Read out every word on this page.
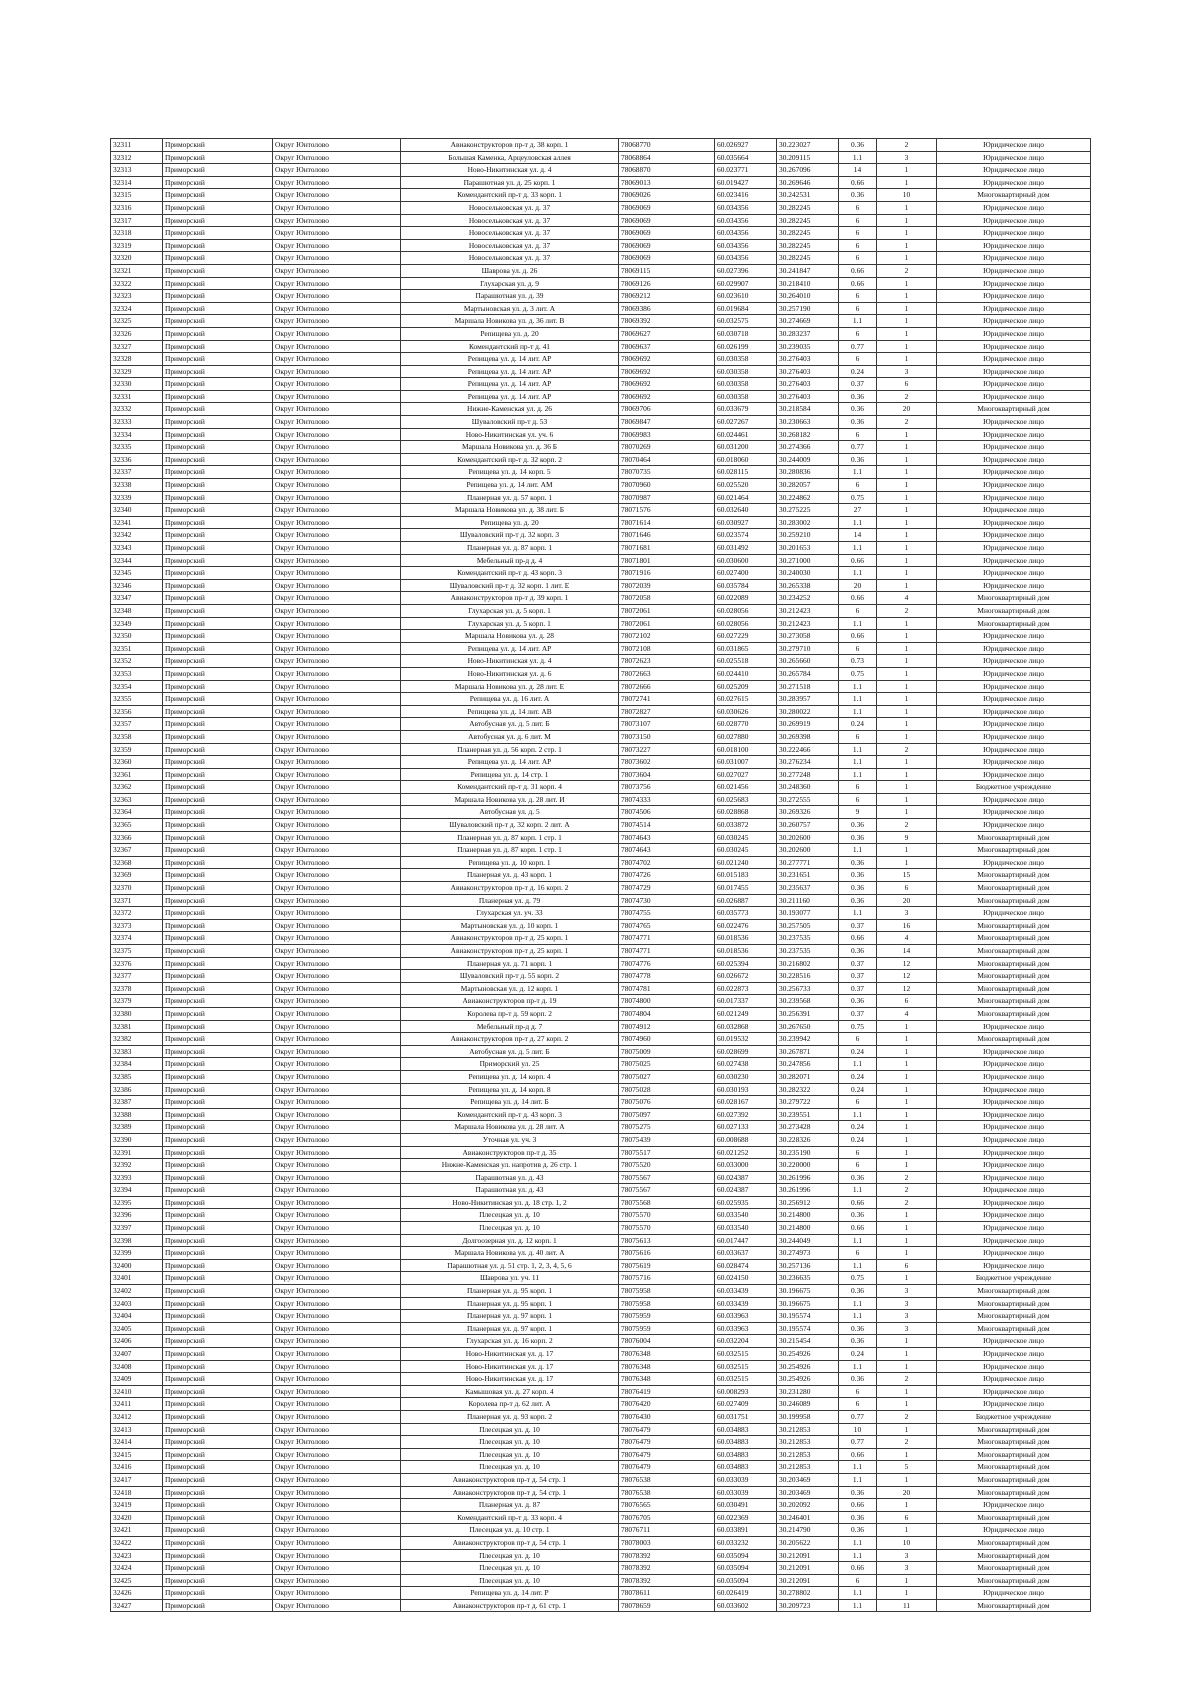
32311	Приморский	Округ Юнтолово	Авиаконструкторов пр-т д. 38 корп. 1	78068770	60.026927	30.223027	0.36	2	Юридическое лицо
32312	Приморский	Округ Юнтолово	Большая Каменка, Арцеуловская аллея	78068864	60.035664	30.209115	1.1	3	Юридическое лицо
32313	Приморский	Округ Юнтолово	Ново-Никитинская ул. д. 4	78068870	60.023771	30.267096	14	1	Юридическое лицо
32314	Приморский	Округ Юнтолово	Парашютная ул. д. 25 корп. 1	78069013	60.019427	30.269646	0.66	1	Юридическое лицо
32315	Приморский	Округ Юнтолово	Комендантский пр-т д. 33 корп. 1	78069026	60.023416	30.242531	0.36	10	Многоквартирный дом
32316	Приморский	Округ Юнтолово	Новосельковская ул. д. 37	78069069	60.034356	30.282245	6	1	Юридическое лицо
32317	Приморский	Округ Юнтолово	Новосельковская ул. д. 37	78069069	60.034356	30.282245	6	1	Юридическое лицо
32318	Приморский	Округ Юнтолово	Новосельковская ул. д. 37	78069069	60.034356	30.282245	6	1	Юридическое лицо
32319	Приморский	Округ Юнтолово	Новосельковская ул. д. 37	78069069	60.034356	30.282245	6	1	Юридическое лицо
32320	Приморский	Округ Юнтолово	Новосельковская ул. д. 37	78069069	60.034356	30.282245	6	1	Юридическое лицо
32321	Приморский	Округ Юнтолово	Шаврова ул. д. 26	78069115	60.027396	30.241847	0.66	2	Юридическое лицо
32322	Приморский	Округ Юнтолово	Глухарская ул. д. 9	78069126	60.029907	30.218410	0.66	1	Юридическое лицо
32323	Приморский	Округ Юнтолово	Парашютная ул. д. 39	78069212	60.023610	30.264010	6	1	Юридическое лицо
32324	Приморский	Округ Юнтолово	Мартыновская ул. д. 3 лит. А	78069386	60.019684	30.257190	6	1	Юридическое лицо
32325	Приморский	Округ Юнтолово	Маршала Новикова ул. д. 36 лит. В	78069392	60.032575	30.274669	1.1	1	Юридическое лицо
32326	Приморский	Округ Юнтолово	Репищева ул. д. 20	78069627	60.030718	30.283237	6	1	Юридическое лицо
32327	Приморский	Округ Юнтолово	Комендантский пр-т д. 41	78069637	60.026199	30.239035	0.77	1	Юридическое лицо
32328	Приморский	Округ Юнтолово	Репищева ул. д. 14 лит. АР	78069692	60.030358	30.276403	6	1	Юридическое лицо
32329	Приморский	Округ Юнтолово	Репищева ул. д. 14 лит. АР	78069692	60.030358	30.276403	0.24	3	Юридическое лицо
32330	Приморский	Округ Юнтолово	Репищева ул. д. 14 лит. АР	78069692	60.030358	30.276403	0.37	6	Юридическое лицо
32331	Приморский	Округ Юнтолово	Репищева ул. д. 14 лит. АР	78069692	60.030358	30.276403	0.36	2	Юридическое лицо
32332	Приморский	Округ Юнтолово	Нижне-Каменская ул. д. 26	78069706	60.033679	30.218584	0.36	20	Многоквартирный дом
32333	Приморский	Округ Юнтолово	Шуваловский пр-т д. 53	78069847	60.027267	30.230663	0.36	2	Юридическое лицо
32334	Приморский	Округ Юнтолово	Ново-Никитинская ул. уч. 6	78069983	60.024461	30.268182	6	1	Юридическое лицо
32335	Приморский	Округ Юнтолово	Маршала Новикова ул. д. 36 Б	78070269	60.031200	30.274366	0.77	1	Юридическое лицо
32336	Приморский	Округ Юнтолово	Комендантский пр-т д. 32 корп. 2	78070464	60.018060	30.244009	0.36	1	Юридическое лицо
32337	Приморский	Округ Юнтолово	Репищева ул. д. 14 корп. 5	78070735	60.028115	30.280836	1.1	1	Юридическое лицо
32338	Приморский	Округ Юнтолово	Репищева ул. д. 14 лит. АМ	78070960	60.025520	30.282057	6	1	Юридическое лицо
32339	Приморский	Округ Юнтолово	Планерная ул. д. 57 корп. 1	78070987	60.021464	30.224862	0.75	1	Юридическое лицо
32340	Приморский	Округ Юнтолово	Маршала Новикова ул. д. 38 лит. Б	78071576	60.032640	30.275225	27	1	Юридическое лицо
32341	Приморский	Округ Юнтолово	Репищева ул. д. 20	78071614	60.030927	30.283002	1.1	1	Юридическое лицо
32342	Приморский	Округ Юнтолово	Шуваловский пр-т д. 32 корп. 3	78071646	60.023574	30.259210	14	1	Юридическое лицо
32343	Приморский	Округ Юнтолово	Планерная ул. д. 87 корп. 1	78071681	60.031492	30.201653	1.1	1	Юридическое лицо
32344	Приморский	Округ Юнтолово	Мебельный пр-д д. 4	78071801	60.030600	30.271000	0.66	1	Юридическое лицо
32345	Приморский	Округ Юнтолово	Комендантский пр-т д. 43 корп. 3	78071916	60.027400	30.240030	1.1	1	Юридическое лицо
32346	Приморский	Округ Юнтолово	Шуваловский пр-т д. 32 корп. 1 лит. Е	78072039	60.035784	30.265338	20	1	Юридическое лицо
32347	Приморский	Округ Юнтолово	Авиаконструкторов пр-т д. 39 корп. 1	78072058	60.022089	30.234252	0.66	4	Многоквартирный дом
32348	Приморский	Округ Юнтолово	Глухарская ул. д. 5 корп. 1	78072061	60.028056	30.212423	6	2	Многоквартирный дом
32349	Приморский	Округ Юнтолово	Глухарская ул. д. 5 корп. 1	78072061	60.028056	30.212423	1.1	1	Многоквартирный дом
32350	Приморский	Округ Юнтолово	Маршала Новикова ул. д. 28	78072102	60.027229	30.273058	0.66	1	Юридическое лицо
32351	Приморский	Округ Юнтолово	Репищева ул. д. 14 лит. АР	78072108	60.031865	30.279710	6	1	Юридическое лицо
32352	Приморский	Округ Юнтолово	Ново-Никитинская ул. д. 4	78072623	60.025518	30.265660	0.73	1	Юридическое лицо
32353	Приморский	Округ Юнтолово	Ново-Никитинская ул. д. 6	78072663	60.024410	30.265784	0.75	1	Юридическое лицо
32354	Приморский	Округ Юнтолово	Маршала Новикова ул. д. 28 лит. Е	78072666	60.025209	30.271518	1.1	1	Юридическое лицо
32355	Приморский	Округ Юнтолово	Репищева ул. д. 16 лит. А	78072741	60.027615	30.283957	1.1	1	Юридическое лицо
32356	Приморский	Округ Юнтолово	Репищева ул. д. 14 лит. АВ	78072827	60.030626	30.280022	1.1	1	Юридическое лицо
32357	Приморский	Округ Юнтолово	Автобусная ул. д. 5 лит. Б	78073107	60.028770	30.269919	0.24	1	Юридическое лицо
32358	Приморский	Округ Юнтолово	Автобусная ул. д. 6 лит. М	78073150	60.027880	30.269398	6	1	Юридическое лицо
32359	Приморский	Округ Юнтолово	Планерная ул. д. 56 корп. 2 стр. 1	78073227	60.018100	30.222466	1.1	2	Юридическое лицо
32360	Приморский	Округ Юнтолово	Репищева ул. д. 14 лит. АР	78073602	60.031007	30.276234	1.1	1	Юридическое лицо
32361	Приморский	Округ Юнтолово	Репищева ул. д. 14 стр. 1	78073604	60.027027	30.277248	1.1	1	Юридическое лицо
32362	Приморский	Округ Юнтолово	Комендантский пр-т д. 31 корп. 4	78073756	60.021456	30.248360	6	1	Бюджетное учреждение
32363	Приморский	Округ Юнтолово	Маршала Новикова ул. д. 28 лит. И	78074333	60.025683	30.272555	6	1	Юридическое лицо
32364	Приморский	Округ Юнтолово	Автобусная ул. д. 5	78074506	60.028868	30.269326	9	1	Юридическое лицо
32365	Приморский	Округ Юнтолово	Шуваловский пр-т д. 32 корп. 2 лит. А	78074514	60.033872	30.260757	0.36	2	Юридическое лицо
32366	Приморский	Округ Юнтолово	Планерная ул. д. 87 корп. 1 стр. 1	78074643	60.030245	30.202600	0.36	9	Многоквартирный дом
32367	Приморский	Округ Юнтолово	Планерная ул. д. 87 корп. 1 стр. 1	78074643	60.030245	30.202600	1.1	1	Многоквартирный дом
32368	Приморский	Округ Юнтолово	Репищева ул. д. 10 корп. 1	78074702	60.021240	30.277771	0.36	1	Юридическое лицо
32369	Приморский	Округ Юнтолово	Планерная ул. д. 43 корп. 1	78074726	60.015183	30.231651	0.36	15	Многоквартирный дом
32370	Приморский	Округ Юнтолово	Авиаконструкторов пр-т д. 16 корп. 2	78074729	60.017455	30.235637	0.36	6	Многоквартирный дом
32371	Приморский	Округ Юнтолово	Планерная ул. д. 79	78074730	60.026887	30.211160	0.36	20	Многоквартирный дом
32372	Приморский	Округ Юнтолово	Глухарская ул. уч. 33	78074755	60.035773	30.193077	1.1	3	Юридическое лицо
32373	Приморский	Округ Юнтолово	Мартыновская ул. д. 10 корп. 1	78074765	60.022476	30.257505	0.37	16	Многоквартирный дом
32374	Приморский	Округ Юнтолово	Авиаконструкторов пр-т д. 25 корп. 1	78074771	60.018536	30.237535	0.66	4	Многоквартирный дом
32375	Приморский	Округ Юнтолово	Авиаконструкторов пр-т д. 25 корп. 1	78074771	60.018536	30.237535	0.36	14	Многоквартирный дом
32376	Приморский	Округ Юнтолово	Планерная ул. д. 71 корп. 1	78074776	60.025394	30.216802	0.37	12	Многоквартирный дом
32377	Приморский	Округ Юнтолово	Шуваловский пр-т д. 55 корп. 2	78074778	60.026672	30.228516	0.37	12	Многоквартирный дом
32378	Приморский	Округ Юнтолово	Мартыновская ул. д. 12 корп. 1	78074781	60.022873	30.256733	0.37	12	Многоквартирный дом
32379	Приморский	Округ Юнтолово	Авиаконструкторов пр-т д. 19	78074800	60.017337	30.239568	0.36	6	Многоквартирный дом
32380	Приморский	Округ Юнтолово	Королева пр-т д. 59 корп. 2	78074804	60.021249	30.256391	0.37	4	Многоквартирный дом
32381	Приморский	Округ Юнтолово	Мебельный пр-д д. 7	78074912	60.032868	30.267650	0.75	1	Юридическое лицо
32382	Приморский	Округ Юнтолово	Авиаконструкторов пр-т д. 27 корп. 2	78074960	60.019532	30.239942	6	1	Многоквартирный дом
32383	Приморский	Округ Юнтолово	Автобусная ул. д. 5 лит. Б	78075009	60.028699	30.267871	0.24	1	Юридическое лицо
32384	Приморский	Округ Юнтолово	Приморский ул. 25	78075025	60.027438	30.247856	1.1	1	Юридическое лицо
32385	Приморский	Округ Юнтолово	Репищева ул. д. 14 корп. 4	78075027	60.030230	30.282071	0.24	1	Юридическое лицо
32386	Приморский	Округ Юнтолово	Репищева ул. д. 14 корп. 8	78075028	60.030193	30.282322	0.24	1	Юридическое лицо
32387	Приморский	Округ Юнтолово	Репищева ул. д. 14 лит. Б	78075076	60.028167	30.279722	6	1	Юридическое лицо
32388	Приморский	Округ Юнтолово	Комендантский пр-т д. 43 корп. 3	78075097	60.027392	30.239551	1.1	1	Юридическое лицо
32389	Приморский	Округ Юнтолово	Маршала Новикова ул. д. 28 лит. А	78075275	60.027133	30.273428	0.24	1	Юридическое лицо
32390	Приморский	Округ Юнтолово	Уточная ул. уч. 3	78075439	60.008688	30.228326	0.24	1	Юридическое лицо
32391	Приморский	Округ Юнтолово	Авиаконструкторов пр-т д. 35	78075517	60.021252	30.235190	6	1	Юридическое лицо
32392	Приморский	Округ Юнтолово	Нижне-Каменская ул. напротив д. 26 стр. 1	78075520	60.033000	30.220000	6	1	Юридическое лицо
32393	Приморский	Округ Юнтолово	Парашютная ул. д. 43	78075567	60.024387	30.261996	0.36	2	Юридическое лицо
32394	Приморский	Округ Юнтолово	Парашютная ул. д. 43	78075567	60.024387	30.261996	1.1	2	Юридическое лицо
32395	Приморский	Округ Юнтолово	Ново-Никитинская ул. д. 18 стр. 1, 2	78075568	60.025935	30.256912	0.66	2	Юридическое лицо
32396	Приморский	Округ Юнтолово	Плесецкая ул. д. 10	78075570	60.033540	30.214800	0.36	1	Юридическое лицо
32397	Приморский	Округ Юнтолово	Плесецкая ул. д. 10	78075570	60.033540	30.214800	0.66	1	Юридическое лицо
32398	Приморский	Округ Юнтолово	Долгоозерная ул. д. 12 корп. 1	78075613	60.017447	30.244049	1.1	1	Юридическое лицо
32399	Приморский	Округ Юнтолово	Маршала Новикова ул. д. 40 лит. А	78075616	60.033637	30.274973	6	1	Юридическое лицо
32400	Приморский	Округ Юнтолово	Парашютная ул. д. 51 стр. 1, 2, 3, 4, 5, 6	78075619	60.028474	30.257136	1.1	6	Юридическое лицо
32401	Приморский	Округ Юнтолово	Шаврова ул. уч. 11	78075716	60.024150	30.236635	0.75	1	Бюджетное учреждение
32402	Приморский	Округ Юнтолово	Планерная ул. д. 95 корп. 1	78075958	60.033439	30.196675	0.36	3	Многоквартирный дом
32403	Приморский	Округ Юнтолово	Планерная ул. д. 95 корп. 1	78075958	60.033439	30.196675	1.1	3	Многоквартирный дом
32404	Приморский	Округ Юнтолово	Планерная ул. д. 97 корп. 1	78075959	60.033963	30.195574	1.1	3	Многоквартирный дом
32405	Приморский	Округ Юнтолово	Планерная ул. д. 97 корп. 1	78075959	60.033963	30.195574	0.36	3	Многоквартирный дом
32406	Приморский	Округ Юнтолово	Глухарская ул. д. 16 корп. 2	78076004	60.032204	30.215454	0.36	1	Юридическое лицо
32407	Приморский	Округ Юнтолово	Ново-Никитинская ул. д. 17	78076348	60.032515	30.254926	0.24	1	Юридическое лицо
32408	Приморский	Округ Юнтолово	Ново-Никитинская ул. д. 17	78076348	60.032515	30.254926	1.1	1	Юридическое лицо
32409	Приморский	Округ Юнтолово	Ново-Никитинская ул. д. 17	78076348	60.032515	30.254926	0.36	2	Юридическое лицо
32410	Приморский	Округ Юнтолово	Камышовая ул. д. 27 корп. 4	78076419	60.008293	30.231280	6	1	Юридическое лицо
32411	Приморский	Округ Юнтолово	Королева пр-т д. 62 лит. А	78076420	60.027409	30.246089	6	1	Юридическое лицо
32412	Приморский	Округ Юнтолово	Планерная ул. д. 93 корп. 2	78076430	60.031751	30.199958	0.77	2	Бюджетное учреждение
32413	Приморский	Округ Юнтолово	Плесецкая ул. д. 10	78076479	60.034883	30.212853	10	1	Многоквартирный дом
32414	Приморский	Округ Юнтолово	Плесецкая ул. д. 10	78076479	60.034883	30.212853	0.77	2	Многоквартирный дом
32415	Приморский	Округ Юнтолово	Плесецкая ул. д. 10	78076479	60.034883	30.212853	0.66	1	Многоквартирный дом
32416	Приморский	Округ Юнтолово	Плесецкая ул. д. 10	78076479	60.034883	30.212853	1.1	5	Многоквартирный дом
32417	Приморский	Округ Юнтолово	Авиаконструкторов пр-т д. 54 стр. 1	78076538	60.033039	30.203469	1.1	1	Многоквартирный дом
32418	Приморский	Округ Юнтолово	Авиаконструкторов пр-т д. 54 стр. 1	78076538	60.033039	30.203469	0.36	20	Многоквартирный дом
32419	Приморский	Округ Юнтолово	Планерная ул. д. 87	78076565	60.030491	30.202092	0.66	1	Юридическое лицо
32420	Приморский	Округ Юнтолово	Комендантский пр-т д. 33 корп. 4	78076705	60.022369	30.246401	0.36	6	Многоквартирный дом
32421	Приморский	Округ Юнтолово	Плесецкая ул. д. 10 стр. 1	78076711	60.033891	30.214790	0.36	1	Юридическое лицо
32422	Приморский	Округ Юнтолово	Авиаконструкторов пр-т д. 54 стр. 1	78078003	60.033232	30.205622	1.1	10	Многоквартирный дом
32423	Приморский	Округ Юнтолово	Плесецкая ул. д. 10	78078392	60.035094	30.212091	1.1	3	Многоквартирный дом
32424	Приморский	Округ Юнтолово	Плесецкая ул. д. 10	78078392	60.035094	30.212091	0.66	3	Многоквартирный дом
32425	Приморский	Округ Юнтолово	Плесецкая ул. д. 10	78078392	60.035094	30.212091	6	1	Многоквартирный дом
32426	Приморский	Округ Юнтолово	Репищева ул. д. 14 лит. Р	78078611	60.026419	30.278802	1.1	1	Юридическое лицо
32427	Приморский	Округ Юнтолово	Авиаконструкторов пр-т д. 61 стр. 1	78078659	60.033602	30.209723	1.1	11	Многоквартирный дом
